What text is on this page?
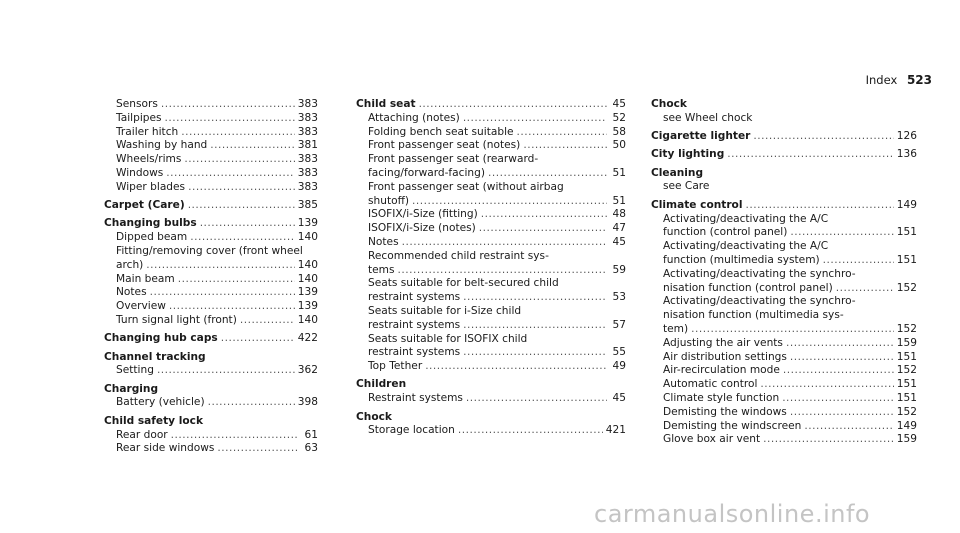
Index 523
Sensors .....	383
Tailpipes .....	383
Trailer hitch .....	383
Washing by hand .....	381
Wheels/rims .....	383
Windows .....	383
Wiper blades .....	383
Carpet (Care) .....	385
Changing bulbs .....	139
Dipped beam .....	140
Fitting/removing cover (front wheel
arch) .....	140
Main beam .....	140
Notes .....	139
Overview .....	139
Turn signal light (front) .....	140
Changing hub caps .....	422
Channel tracking
Setting .....	362
Charging
Battery (vehicle) .....	398
Child safety lock
Rear door .....	61
Rear side windows .....	63
Child seat .....	45
Attaching (notes) .....	52
Folding bench seat suitable .....	58
Front passenger seat (notes) .....	50
Front passenger seat (rearward-
facing/forward-facing) .....	51
Front passenger seat (without airbag
shutoff) .....	51
ISOFIX/i-Size (fitting) .....	48
ISOFIX/i-Size (notes) .....	47
Notes .....	45
Recommended child restraint sys-
tems .....	59
Seats suitable for belt-secured child
restraint systems .....	53
Seats suitable for i-Size child
restraint systems .....	57
Seats suitable for ISOFIX child
restraint systems .....	55
Top Tether .....	49
Children
Restraint systems .....	45
Chock
Storage location .....	421
Chock
see Wheel chock
Cigarette lighter .....	126
City lighting .....	136
Cleaning
see Care
Climate control .....	149
Activating/deactivating the A/C
function (control panel) .....	151
Activating/deactivating the A/C
function (multimedia system) .....	151
Activating/deactivating the synchro-
nisation function (control panel) .....	152
Activating/deactivating the synchro-
nisation function (multimedia sys-
tem) .....	152
Adjusting the air vents .....	159
Air distribution settings .....	151
Air-recirculation mode .....	152
Automatic control .....	151
Climate style function .....	151
Demisting the windows .....	152
Demisting the windscreen .....	149
Glove box air vent .....	159
carmanualsonline.info
